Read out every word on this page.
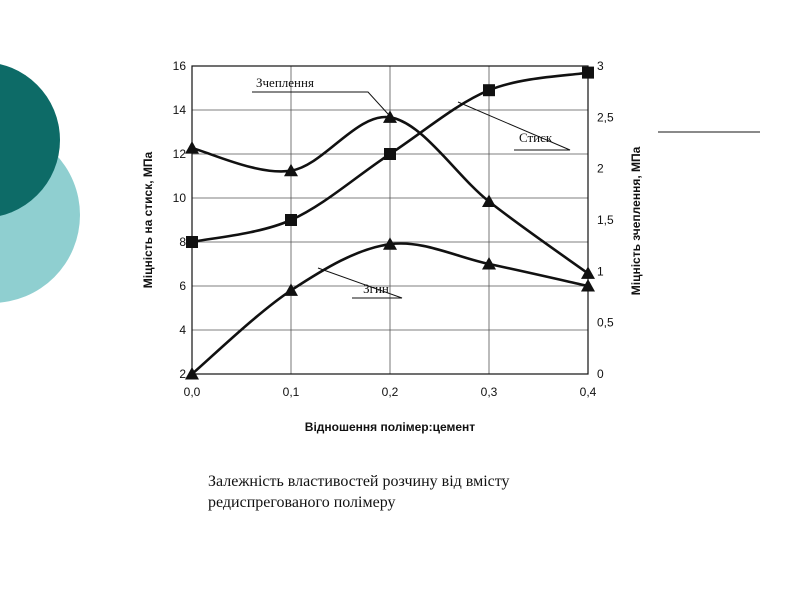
2
4
6
8
10
12
14
16
0
0,5
1
1,5
2
2,5
3
0,0	0,1	0,2	0,3	0,4
Зчеплення
Стиск
Згин
Відношення полімер:цемент
Міцність на стиск, МПа	Міцність зчеплення, МПа
Залежність властивостей розчину від вмісту
редиспрегованого полімеру
